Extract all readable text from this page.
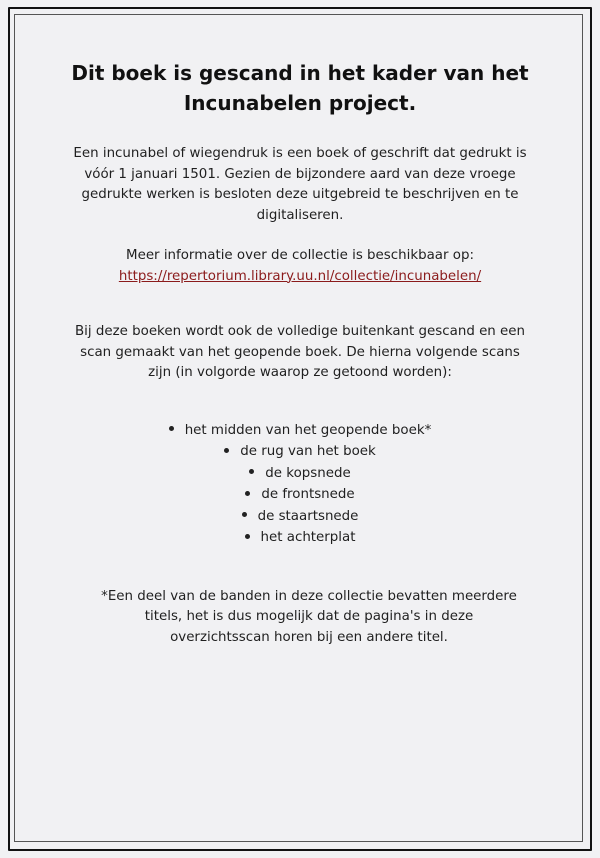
Dit boek is gescand in het kader van het
Incunabelen project.

Een incunabel of wiegendruk is een boek of geschrift dat gedrukt is
vóór 1 januari 1501. Gezien de bijzondere aard van deze vroege
gedrukte werken is besloten deze uitgebreid te beschrijven en te
digitaliseren.

Meer informatie over de collectie is beschikbaar op:
https://repertorium.library.uu.nl/collectie/incunabelen/

Bij deze boeken wordt ook de volledige buitenkant gescand en een
scan gemaakt van het geopende boek. De hierna volgende scans
zijn (in volgorde waarop ze getoond worden):

het midden van het geopende boek*
de rug van het boek
de kopsnede
de frontsnede
de staartsnede
het achterplat

*Een deel van de banden in deze collectie bevatten meerdere
titels, het is dus mogelijk dat de pagina's in deze
overzichtsscan horen bij een andere titel.
